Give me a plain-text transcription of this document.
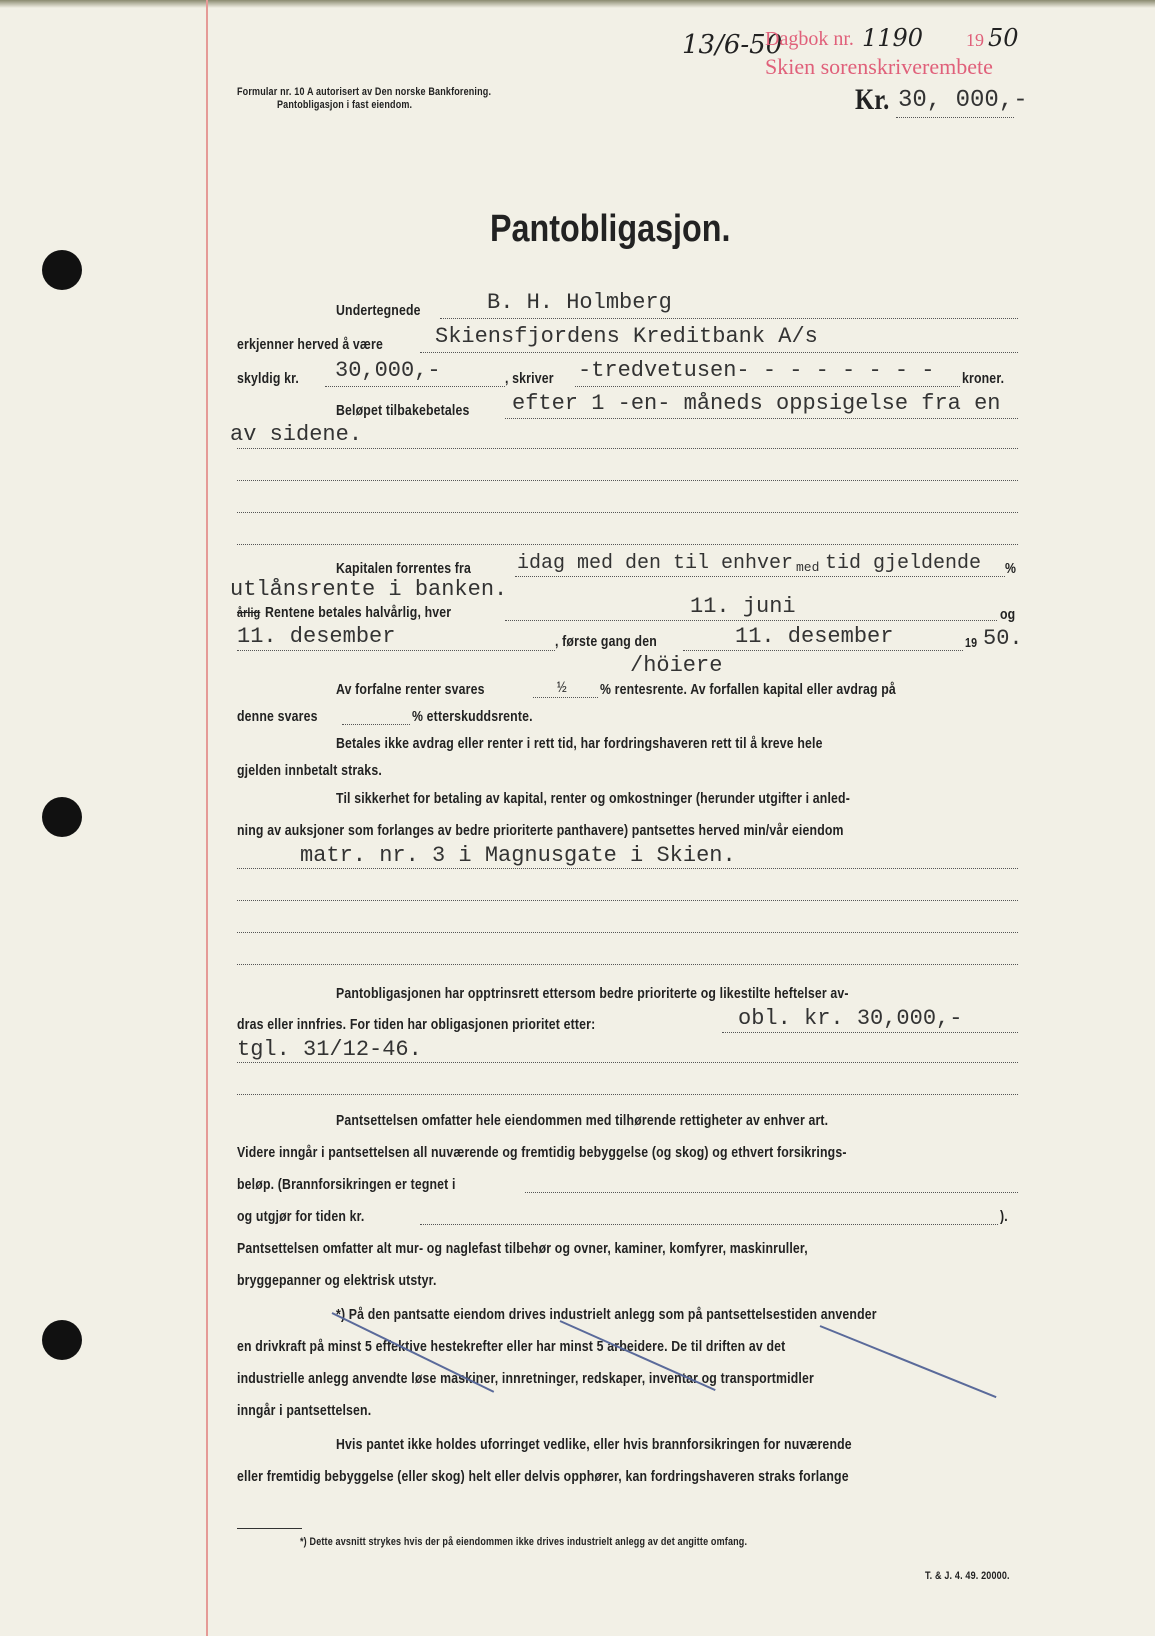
Formular nr. 10 A autorisert av Den norske Bankforening.
Pantobligasjon i fast eiendom.
13/6-50
Dagbok nr. 1190 19 50
Skien sorenskriverembete
Kr. 30, 000,-
Pantobligasjon.
Undertegnede	B. H. Holmberg
erkjenner herved å være Skiensfjordens Kreditbank A/s
skyldig kr. 30,000,-	, skriver -tredvetusen- - - - - - - - kroner.
Beløpet tilbakebetales efter 1 -en- måneds oppsigelse fra en
av sidene.
Kapitalen forrentes fra idag med den til enhver med tid gjeldende %
utlånsrente i banken.
årlig Rentene betales halvårlig, hver	11. juni	og
11. desember	, første gang den	11. desember	19 50.
/höiere
Av forfalne renter svares	½ % rentesrente. Av forfallen kapital eller avdrag på
denne svares	% etterskuddsrente.
Betales ikke avdrag eller renter i rett tid, har fordringshaveren rett til å kreve hele
gjelden innbetalt straks.
Til sikkerhet for betaling av kapital, renter og omkostninger (herunder utgifter i anled-
ning av auksjoner som forlanges av bedre prioriterte panthavere) pantsettes herved min/vår eiendom
matr. nr. 3 i Magnusgate i Skien.
Pantobligasjonen har opptrinsrett ettersom bedre prioriterte og likestilte heftelser av-
dras eller innfries. For tiden har obligasjonen prioritet etter:	obl. kr. 30,000,-
tgl. 31/12-46.
Pantsettelsen omfatter hele eiendommen med tilhørende rettigheter av enhver art.
Videre inngår i pantsettelsen all nuværende og fremtidig bebyggelse (og skog) og ethvert forsikrings-
beløp. (Brannforsikringen er tegnet i
og utgjør for tiden kr.	).
Pantsettelsen omfatter alt mur- og naglefast tilbehør og ovner, kaminer, komfyrer, maskinruller,
bryggepanner og elektrisk utstyr.
*) På den pantsatte eiendom drives industrielt anlegg som på pantsettelsestiden anvender
en drivkraft på minst 5 effektive hestekrefter eller har minst 5 arbeidere. De til driften av det
industrielle anlegg anvendte løse maskiner, innretninger, redskaper, inventar og transportmidler
inngår i pantsettelsen.
Hvis pantet ikke holdes uforringet vedlike, eller hvis brannforsikringen for nuværende
eller fremtidig bebyggelse (eller skog) helt eller delvis opphører, kan fordringshaveren straks forlange
*) Dette avsnitt strykes hvis der på eiendommen ikke drives industrielt anlegg av det angitte omfang.
T. & J. 4. 49. 20000.
